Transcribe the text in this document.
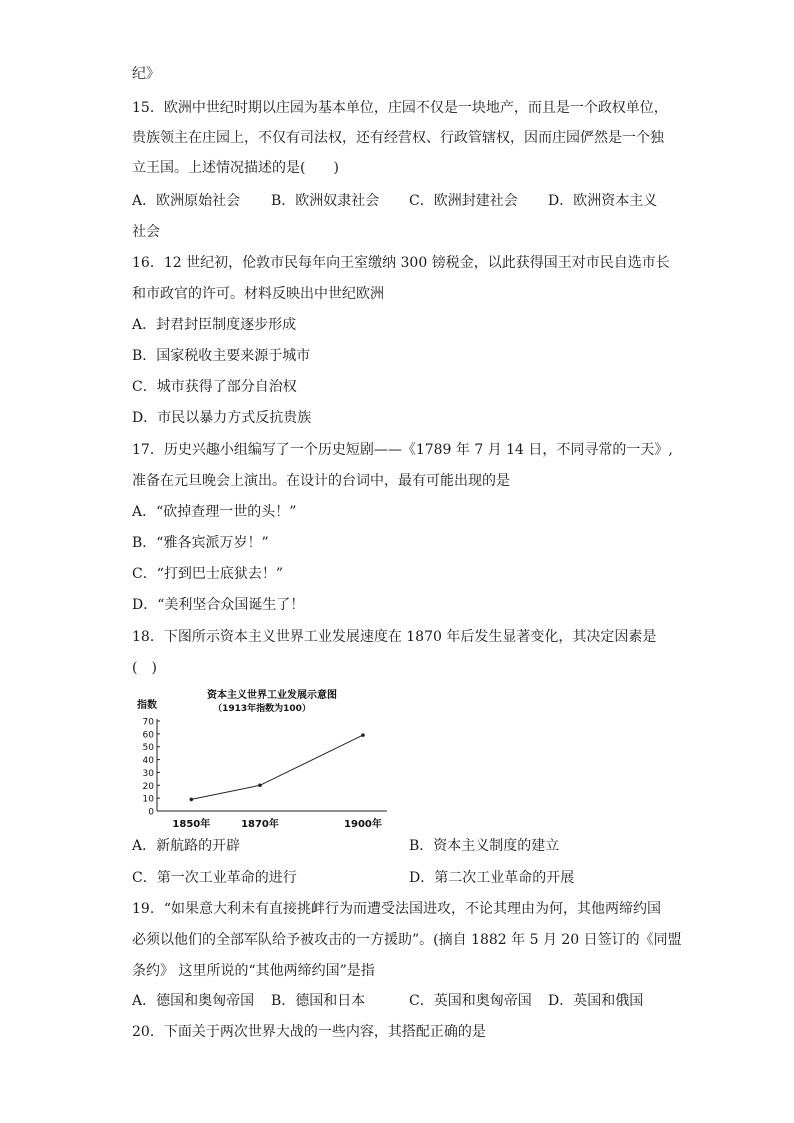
纪》
15．欧洲中世纪时期以庄园为基本单位，庄园不仅是一块地产，而且是一个政权单位，
贵族领主在庄园上，不仅有司法权，还有经营权、行政管辖权，因而庄园俨然是一个独
立王国。上述情况描述的是(　　)
A．欧洲原始社会 B．欧洲奴隶社会 C．欧洲封建社会 D．欧洲资本主义
社会
16．12 世纪初，伦敦市民每年向王室缴纳 300 镑税金，以此获得国王对市民自选市长
和市政官的许可。材料反映出中世纪欧洲
A．封君封臣制度逐步形成
B．国家税收主要来源于城市
C．城市获得了部分自治权
D．市民以暴力方式反抗贵族
17．历史兴趣小组编写了一个历史短剧——《1789 年 7 月 14 日，不同寻常的一天》,
准备在元旦晚会上演出。在设计的台词中，最有可能出现的是
A．“砍掉查理一世的头！”
B．“雅各宾派万岁！”
C．“打到巴士底狱去！”
D．“美利坚合众国诞生了！
18．下图所示资本主义世界工业发展速度在 1870 年后发生显著变化，其决定因素是
(　)
资本主义世界工业发展示意图
（1913年指数为100）
指数
0
10
20
30
40
50
60
70
1850年	1870年	1900年
A．新航路的开辟	B．资本主义制度的建立
C．第一次工业革命的进行	D．第二次工业革命的开展
19．“如果意大利未有直接挑衅行为而遭受法国进攻，不论其理由为何，其他两缔约国
必须以他们的全部军队给予被攻击的一方援助”。(摘自 1882 年 5 月 20 日签订的《同盟
条约》 这里所说的“其他两缔约国”是指
A．德国和奥匈帝国 B．德国和日本	C．英国和奥匈帝国 D．英国和俄国
20．下面关于两次世界大战的一些内容，其搭配正确的是
